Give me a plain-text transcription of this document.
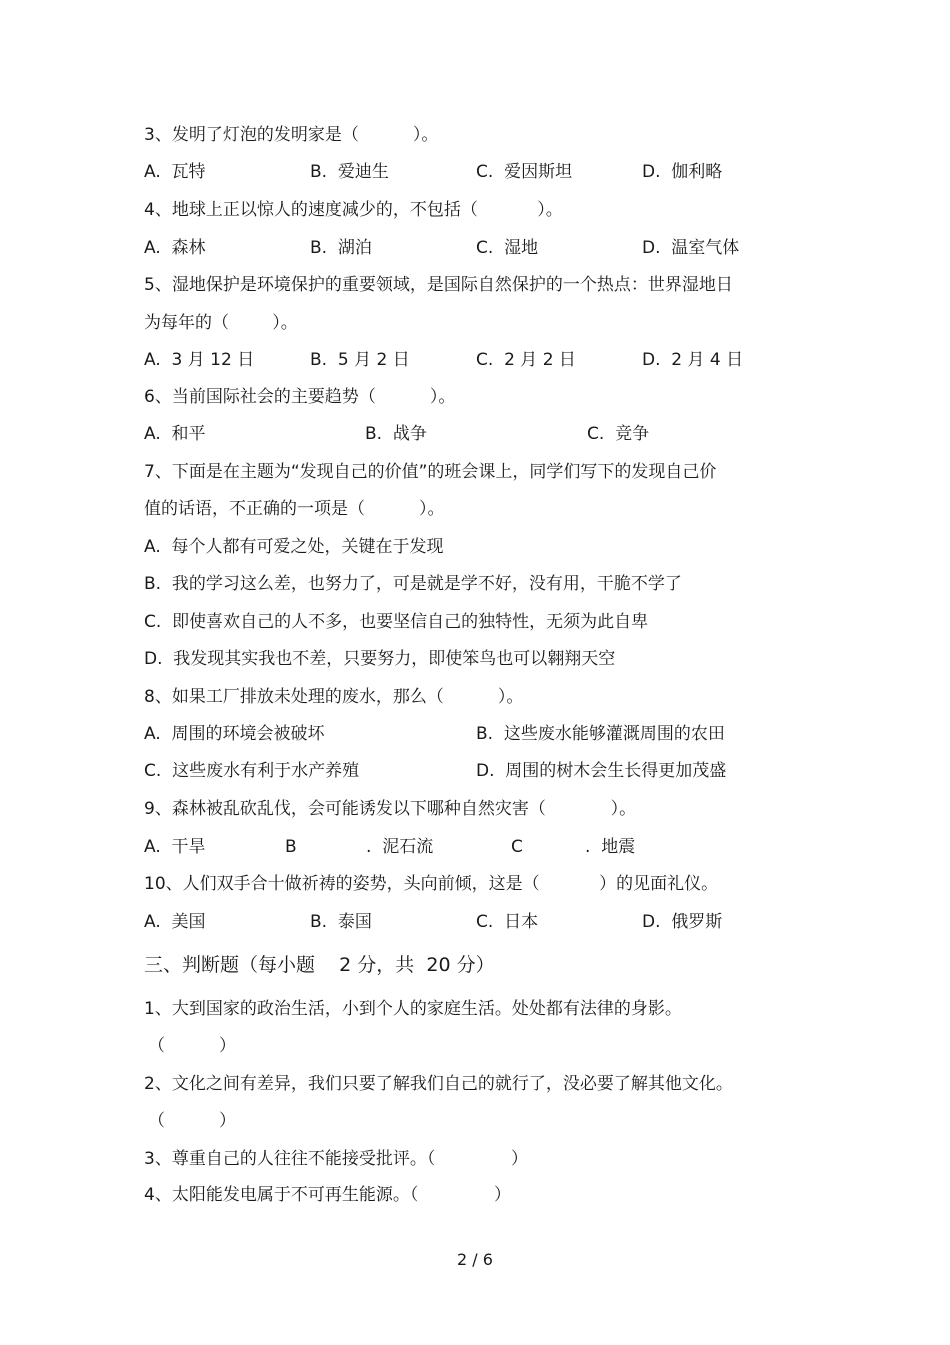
3、发明了灯泡的发明家是（          ）。
A.  瓦特	B.  爱迪生	C.  爱因斯坦	D.  伽利略
4、地球上正以惊人的速度减少的，不包括（           ）。
A.  森林	B.  湖泊	C.  湿地	D.  温室气体
5、湿地保护是环境保护的重要领域，是国际自然保护的一个热点：世界湿地日
为每年的（        ）。
A.  3 月 12 日	B.  5 月 2 日	C.  2 月 2 日	D.  2 月 4 日
6、当前国际社会的主要趋势（          ）。
A.  和平	B.  战争	C.  竞争
7、下面是在主题为“发现自己的价值”的班会课上，同学们写下的发现自己价
值的话语，不正确的一项是（          ）。
A.  每个人都有可爱之处，关键在于发现
B.  我的学习这么差，也努力了，可是就是学不好，没有用，干脆不学了
C.  即使喜欢自己的人不多，也要坚信自己的独特性，无须为此自卑
D.  我发现其实我也不差，只要努力，即使笨鸟也可以翱翔天空
8、如果工厂排放未处理的废水，那么（          ）。
A.  周围的环境会被破坏	B.  这些废水能够灌溉周围的农田
C.  这些废水有利于水产养殖	D.  周围的树木会生长得更加茂盛
9、森林被乱砍乱伐，会可能诱发以下哪种自然灾害（            ）。
A.  干旱	B	.  泥石流	C	.  地震
10、人们双手合十做祈祷的姿势，头向前倾，这是（           ）的见面礼仪。
A.  美国	B.  泰国	C.  日本	D.  俄罗斯
三、判断题（每小题    2 分，共  20 分）
1、大到国家的政治生活，小到个人的家庭生活。处处都有法律的身影。
（          ）
2、文化之间有差异，我们只要了解我们自己的就行了，没必要了解其他文化。
（          ）
3、尊重自己的人往往不能接受批评。（              ）
4、太阳能发电属于不可再生能源。（              ）
2 / 6
